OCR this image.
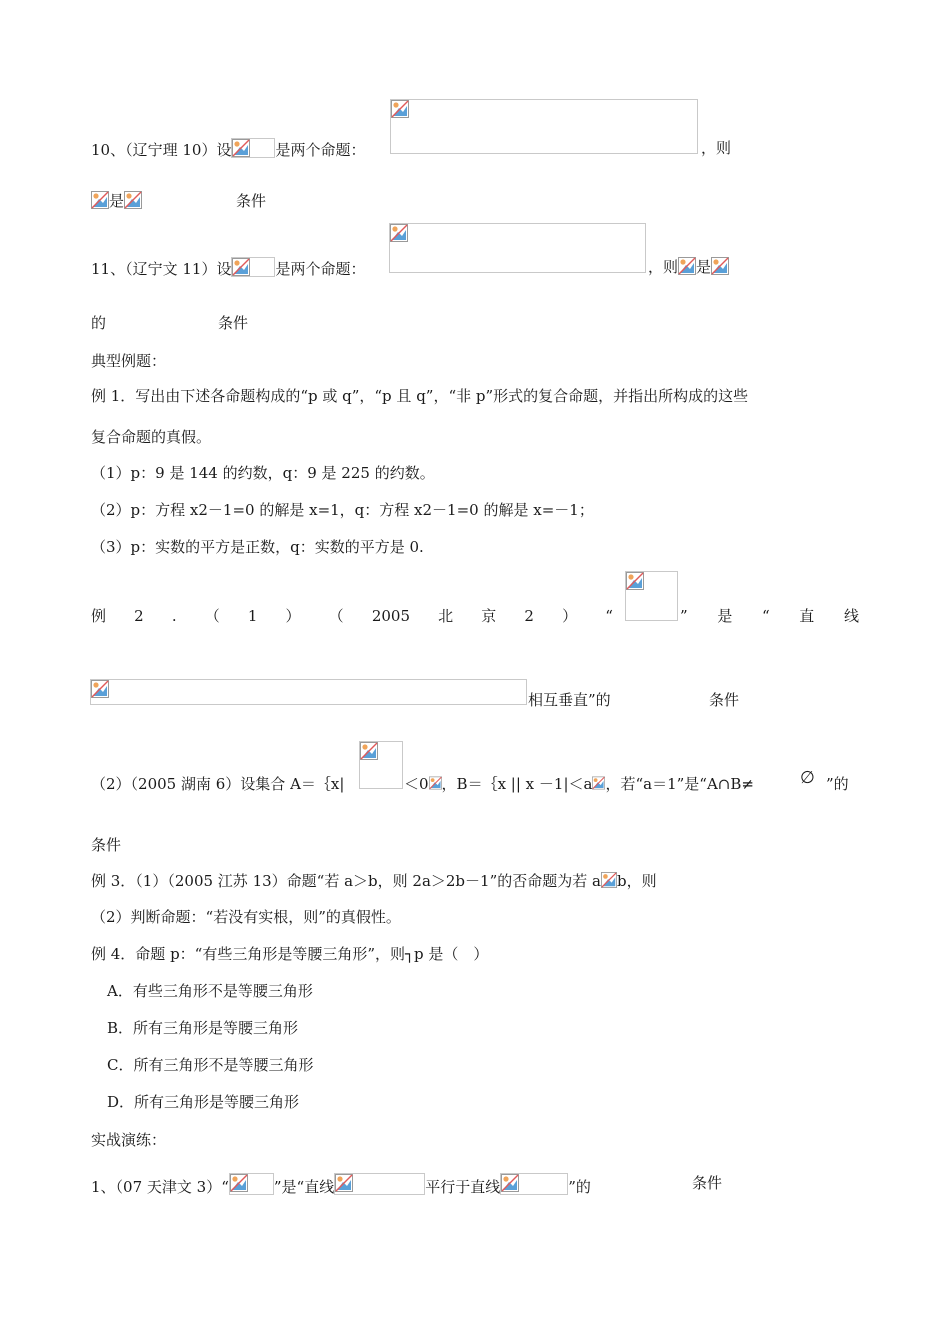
10、（辽宁理 10）设	是两个命题：	，则
是	条件
11、（辽宁文 11）设	是两个命题：	，则 是
的	条件
典型例题：
例 1．写出由下述各命题构成的“p 或 q”，“p 且 q”，“非 p”形式的复合命题，并指出所构成的这些
复合命题的真假。
（1）p：9 是 144 的约数，q：9 是 225 的约数。
（2）p：方程 x2－1=0 的解是 x=1，q：方程 x2－1=0 的解是 x=－1；
（3）p：实数的平方是正数，q：实数的平方是 0.
例 2 . （ 1 ） （ 2005 北 京 2 ） “	” 是 “ 直 线
相互垂直”的	条件
（2）（2005 湖南 6）设集合 A＝｛x|	＜0 ，B＝｛x || x －1|＜a ，若“a＝1”是“A∩B≠	∅ ”的
条件
例 3．（1）（2005 江苏 13）命题“若 a＞b，则 2a＞2b－1”的否命题为若 a b，则
（2）判断命题：“若没有实根，则”的真假性。
例 4．命题 p：“有些三角形是等腰三角形”，则┐p 是（　）
A．有些三角形不是等腰三角形
B．所有三角形是等腰三角形
C．所有三角形不是等腰三角形
D．所有三角形是等腰三角形
实战演练：
1、（07 天津文 3）“	”是“直线	平行于直线	”的	条件
